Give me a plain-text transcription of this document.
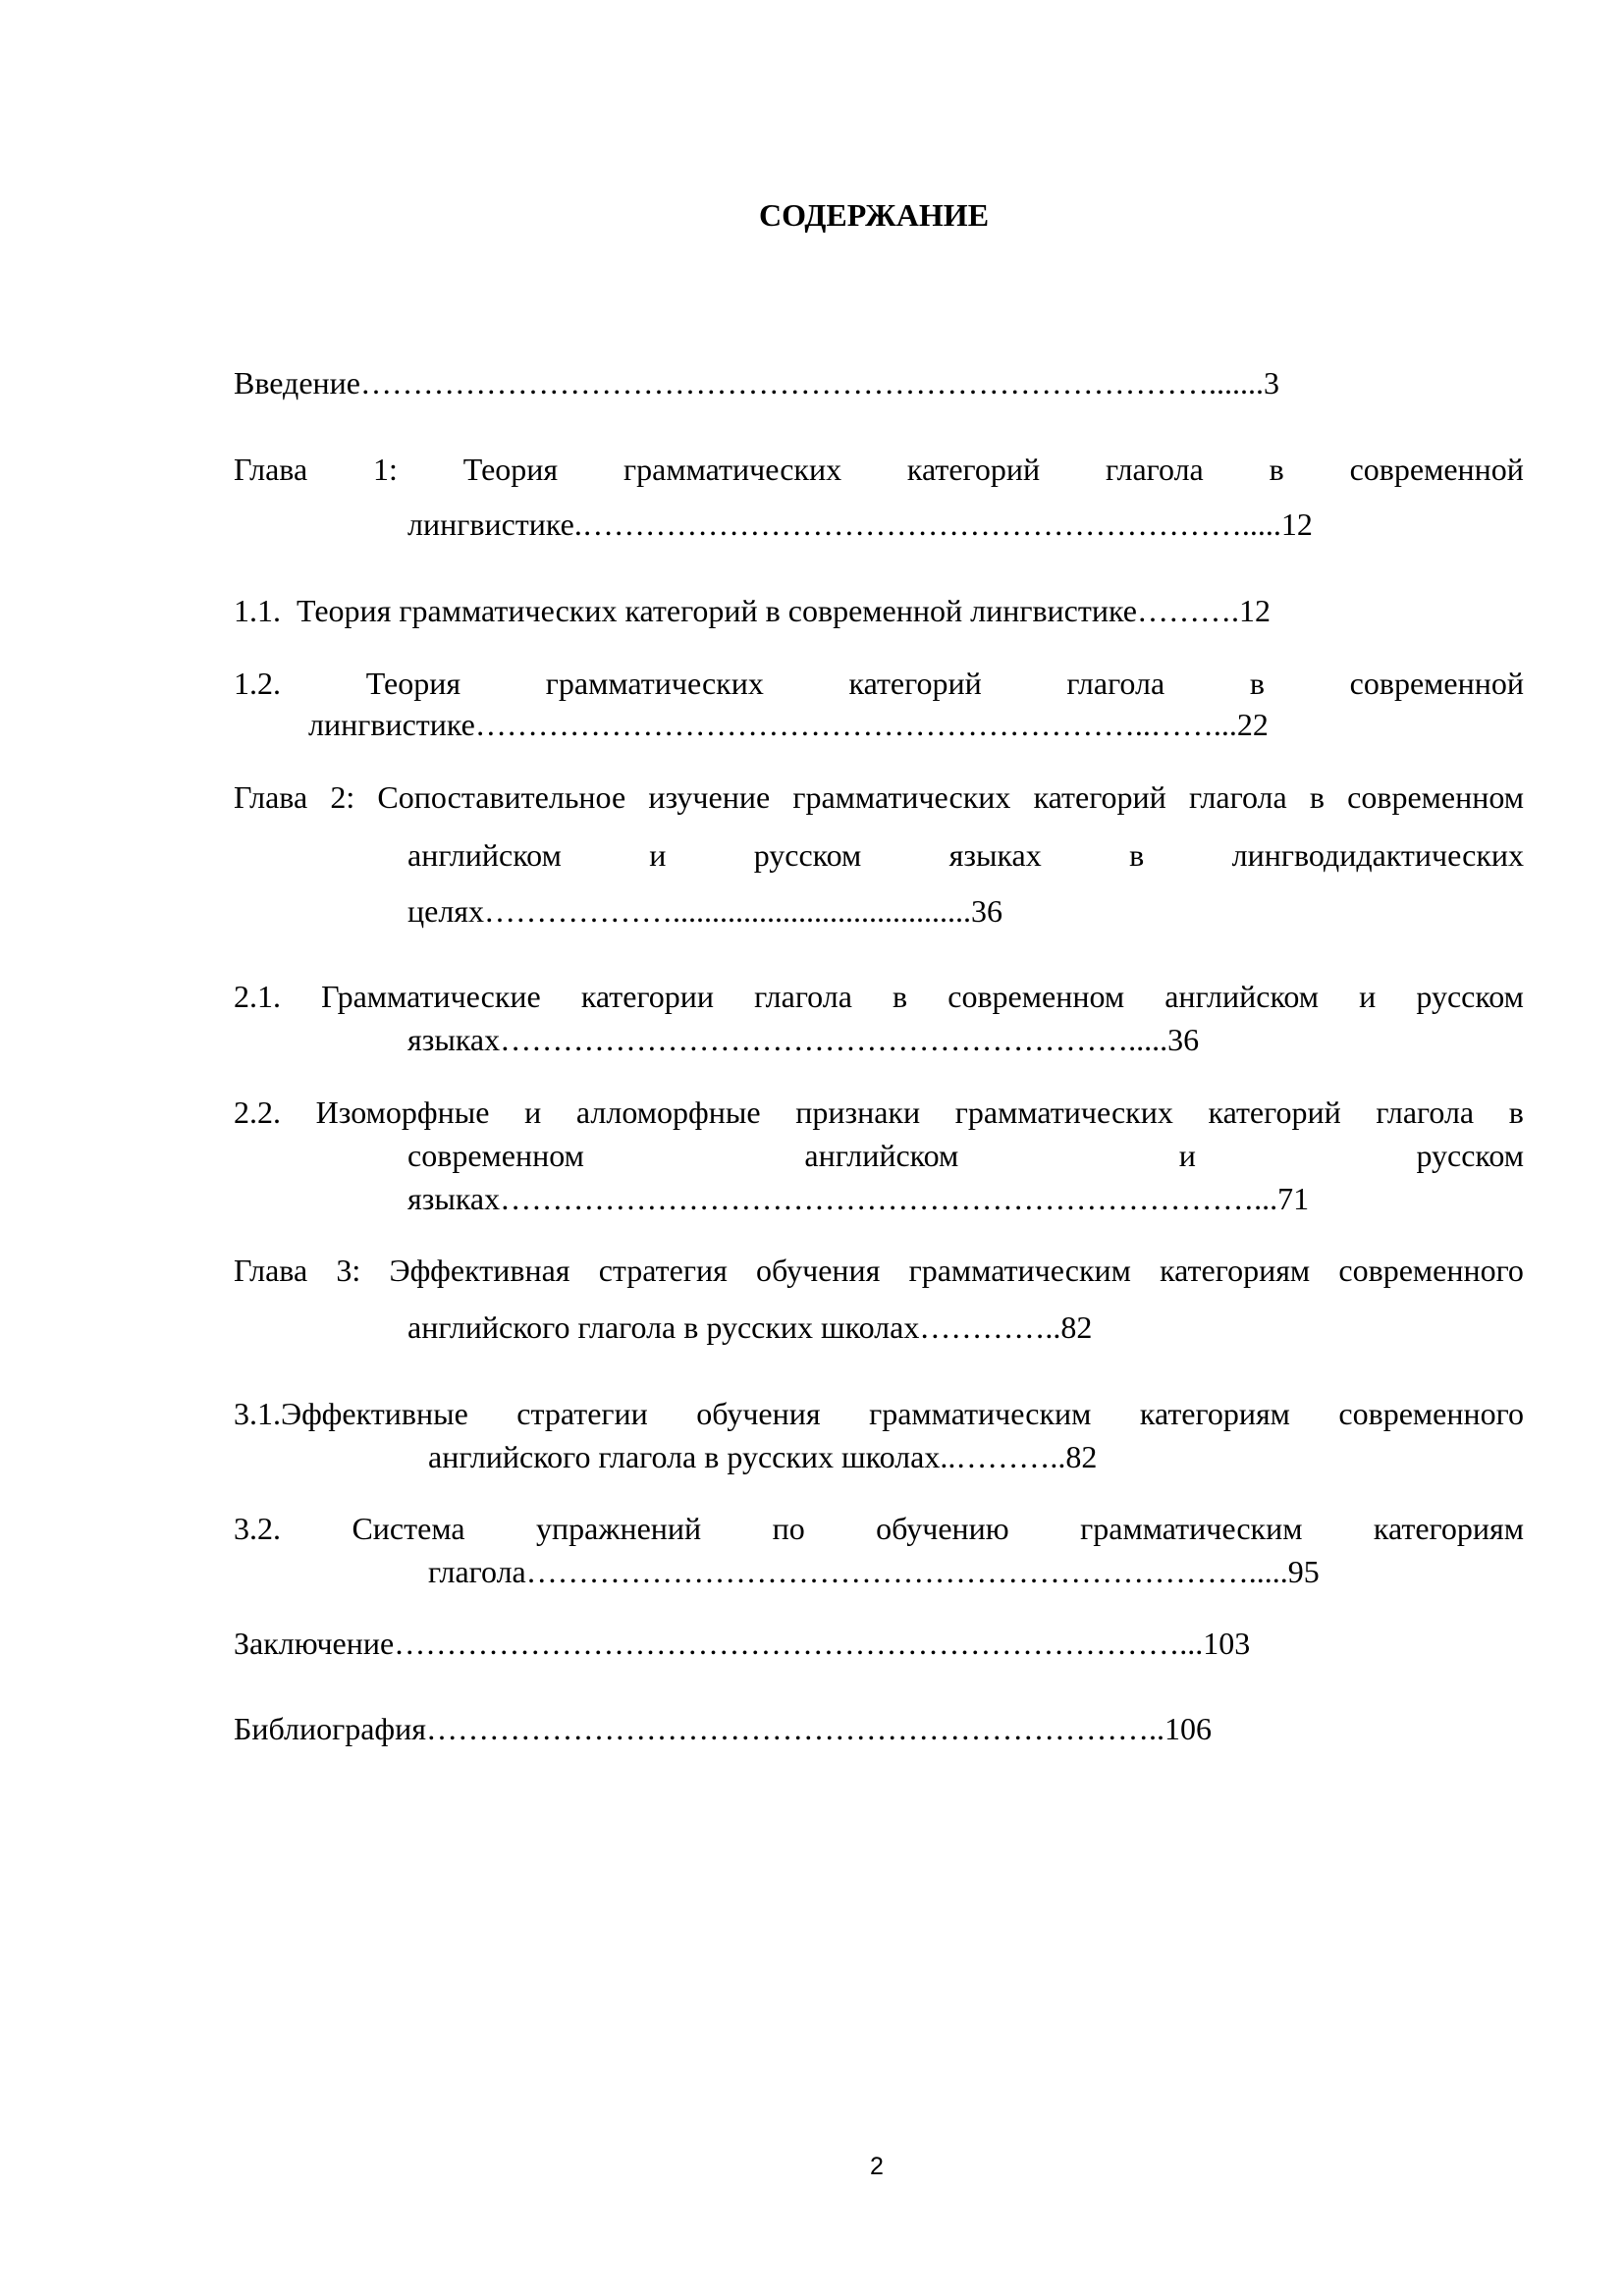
СОДЕРЖАНИЕ
Введение……………………………………………………………………….......3
Глава 1: Теория грамматических категорий глагола в современной
лингвистике.……………………………………………………….....12
1.1.  Теория грамматических категорий в современной лингвистике……….12
1.2.	Теория	грамматических	категорий	глагола	в	современной
лингвистике………………………………………………………..……...22
Глава 2: Сопоставительное изучение грамматических категорий глагола в современном
английском	и	русском	языках	в	лингводидактических
целях………………......................................36
2.1. Грамматические категории глагола в современном английском и русском
языках…………………………………………………….....36
2.2. Изоморфные и алломорфные признаки грамматических категорий глагола в
современном	английском	и	русском
языках………………………………………………………………...71
Глава 3: Эффективная стратегия обучения грамматическим категориям современного
английского глагола в русских школах…………..82
3.1.Эффективные стратегии обучения грамматическим категориям современного
английского глагола в русских школах..………..82
3.2. Система упражнений по обучению грамматическим категориям
глагола…………………………………………………………….....95
Заключение…………………………………………………………………...103
Библиография……………………………………………………………..106
2
